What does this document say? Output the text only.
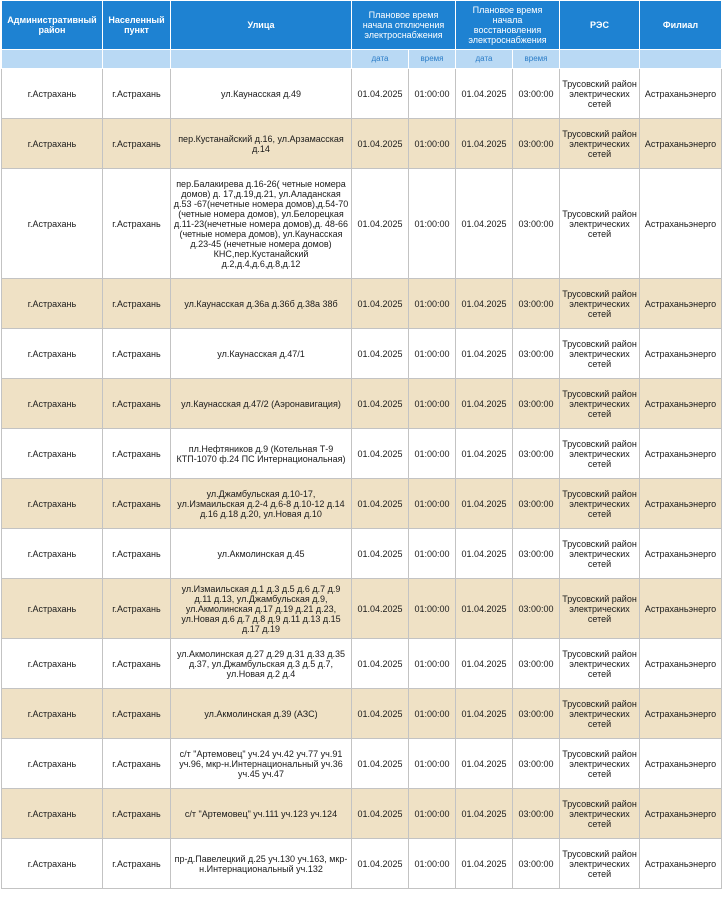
Административный район	Населенный пункт	Улица	Плановое время начала отключения электроснабжения		Плановое время начала восстановления электроснабжения		РЭС	Филиал
			дата	время	дата	время		
г.Астрахань	г.Астрахань	ул.Каунасская д.49	01.04.2025	01:00:00	01.04.2025	03:00:00	Трусовский район электрических сетей	Астраханьэнерго
г.Астрахань	г.Астрахань	пер.Кустанайский д.16, ул.Арзамасская д.14	01.04.2025	01:00:00	01.04.2025	03:00:00	Трусовский район электрических сетей	Астраханьэнерго
г.Астрахань	г.Астрахань	пер.Балакирева д.16-26( четные номера домов) д. 17,д.19,д.21, ул.Аладанская д.53 -67(нечетные номера домов),д.54-70 (четные номера домов), ул.Белорецкая д.11-23(нечетные номера домов),д. 48-66 (четные номера домов), ул.Каунасская д.23-45 (нечетные номера домов) КНС,пер.Кустанайский д.2,д.4,д.6,д.8,д.12	01.04.2025	01:00:00	01.04.2025	03:00:00	Трусовский район электрических сетей	Астраханьэнерго
г.Астрахань	г.Астрахань	ул.Каунасская д.36а д.36б д.38а 38б	01.04.2025	01:00:00	01.04.2025	03:00:00	Трусовский район электрических сетей	Астраханьэнерго
г.Астрахань	г.Астрахань	ул.Каунасская д.47/1	01.04.2025	01:00:00	01.04.2025	03:00:00	Трусовский район электрических сетей	Астраханьэнерго
г.Астрахань	г.Астрахань	ул.Каунасская д.47/2 (Аэронавигация)	01.04.2025	01:00:00	01.04.2025	03:00:00	Трусовский район электрических сетей	Астраханьэнерго
г.Астрахань	г.Астрахань	пл.Нефтяников д.9 (Котельная Т-9 КТП-1070 ф.24 ПС Интернациональная)	01.04.2025	01:00:00	01.04.2025	03:00:00	Трусовский район электрических сетей	Астраханьэнерго
г.Астрахань	г.Астрахань	ул.Джамбульская д.10-17, ул.Измаильская д.2-4 д.6-8 д.10-12 д.14 д.16 д.18 д.20, ул.Новая д.10	01.04.2025	01:00:00	01.04.2025	03:00:00	Трусовский район электрических сетей	Астраханьэнерго
г.Астрахань	г.Астрахань	ул.Акмолинская д.45	01.04.2025	01:00:00	01.04.2025	03:00:00	Трусовский район электрических сетей	Астраханьэнерго
г.Астрахань	г.Астрахань	ул.Измаильская д.1 д.3 д.5 д.6 д.7 д.9 д.11 д.13, ул.Джамбульская д.9, ул.Акмолинская д.17 д.19 д.21 д.23, ул.Новая д.6 д.7 д.8 д.9 д.11 д.13 д.15 д.17 д.19	01.04.2025	01:00:00	01.04.2025	03:00:00	Трусовский район электрических сетей	Астраханьэнерго
г.Астрахань	г.Астрахань	ул.Акмолинская д.27 д.29 д.31 д.33 д.35 д.37, ул.Джамбульская д.3 д.5 д.7, ул.Новая д.2 д.4	01.04.2025	01:00:00	01.04.2025	03:00:00	Трусовский район электрических сетей	Астраханьэнерго
г.Астрахань	г.Астрахань	ул.Акмолинская д.39 (АЗС)	01.04.2025	01:00:00	01.04.2025	03:00:00	Трусовский район электрических сетей	Астраханьэнерго
г.Астрахань	г.Астрахань	с/т "Артемовец" уч.24 уч.42 уч.77 уч.91 уч.96, мкр-н.Интернациональный уч.36 уч.45 уч.47	01.04.2025	01:00:00	01.04.2025	03:00:00	Трусовский район электрических сетей	Астраханьэнерго
г.Астрахань	г.Астрахань	с/т "Артемовец" уч.111 уч.123 уч.124	01.04.2025	01:00:00	01.04.2025	03:00:00	Трусовский район электрических сетей	Астраханьэнерго
г.Астрахань	г.Астрахань	пр-д.Павелецкий д.25 уч.130 уч.163, мкр-н.Интернациональный уч.132	01.04.2025	01:00:00	01.04.2025	03:00:00	Трусовский район электрических сетей	Астраханьэнерго
